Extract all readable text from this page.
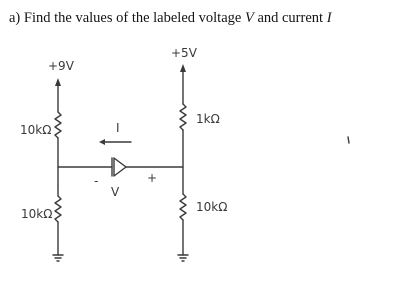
a) Find the values of the labeled voltage V and current I

+9V
10kΩ
10kΩ
I
-
V
+
+5V
1kΩ
10kΩ
